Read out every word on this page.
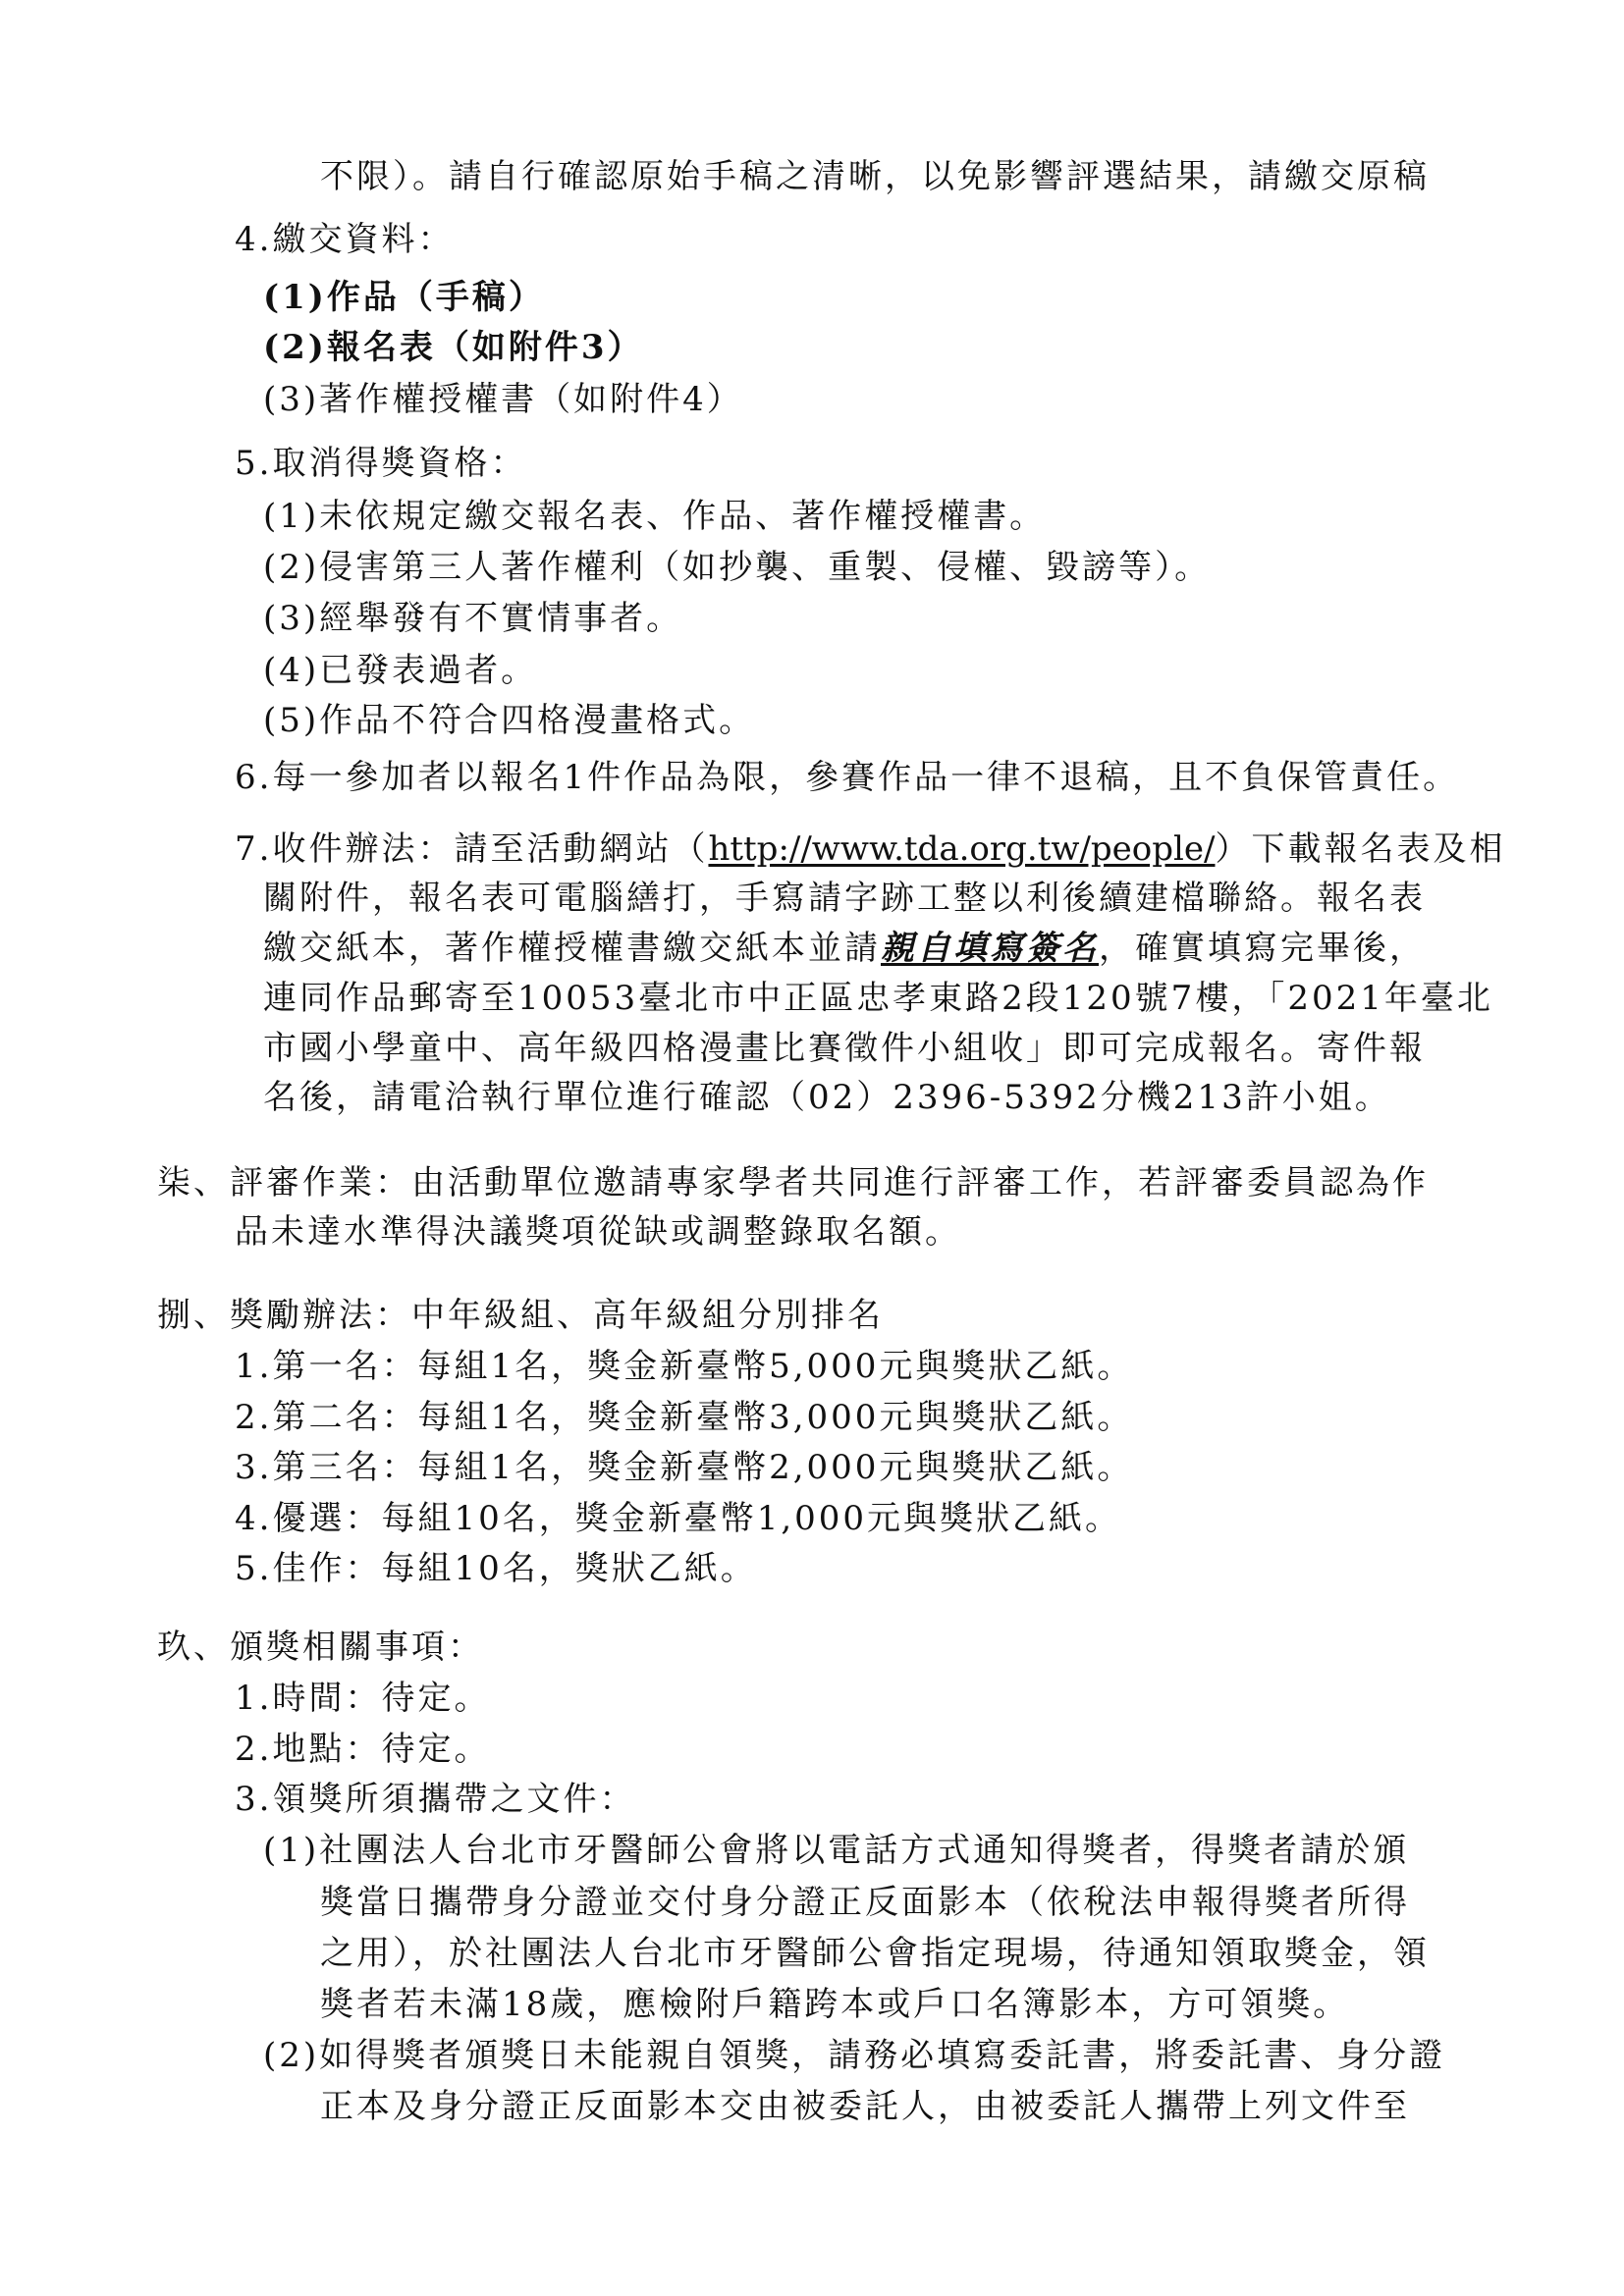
不限）。請自行確認原始手稿之清晰，以免影響評選結果，請繳交原稿
4.繳交資料：
(1)作品（手稿）
(2)報名表（如附件3）
(3)著作權授權書（如附件4）
5.取消得獎資格：
(1)未依規定繳交報名表、作品、著作權授權書。
(2)侵害第三人著作權利（如抄襲、重製、侵權、毀謗等）。
(3)經舉發有不實情事者。
(4)已發表過者。
(5)作品不符合四格漫畫格式。
6.每一參加者以報名1件作品為限，參賽作品一律不退稿，且不負保管責任。
7.收件辦法：請至活動網站（http://www.tda.org.tw/people/）下載報名表及相
關附件，報名表可電腦繕打，手寫請字跡工整以利後續建檔聯絡。報名表
繳交紙本，著作權授權書繳交紙本並請親自填寫簽名，確實填寫完畢後，
連同作品郵寄至10053臺北市中正區忠孝東路2段120號7樓，「2021年臺北
市國小學童中、高年級四格漫畫比賽徵件小組收」即可完成報名。寄件報
名後，請電洽執行單位進行確認（02）2396-5392分機213許小姐。
柒、評審作業：由活動單位邀請專家學者共同進行評審工作，若評審委員認為作
品未達水準得決議獎項從缺或調整錄取名額。
捌、獎勵辦法：中年級組、高年級組分別排名
1.第一名：每組1名，獎金新臺幣5,000元與獎狀乙紙。
2.第二名：每組1名，獎金新臺幣3,000元與獎狀乙紙。
3.第三名：每組1名，獎金新臺幣2,000元與獎狀乙紙。
4.優選：每組10名，獎金新臺幣1,000元與獎狀乙紙。
5.佳作：每組10名，獎狀乙紙。
玖、頒獎相關事項：
1.時間：待定。
2.地點：待定。
3.領獎所須攜帶之文件：
(1)社團法人台北市牙醫師公會將以電話方式通知得獎者，得獎者請於頒
獎當日攜帶身分證並交付身分證正反面影本（依稅法申報得獎者所得
之用），於社團法人台北市牙醫師公會指定現場，待通知領取獎金，領
獎者若未滿18歲，應檢附戶籍跨本或戶口名簿影本，方可領獎。
(2)如得獎者頒獎日未能親自領獎，請務必填寫委託書，將委託書、身分證
正本及身分證正反面影本交由被委託人，由被委託人攜帶上列文件至
